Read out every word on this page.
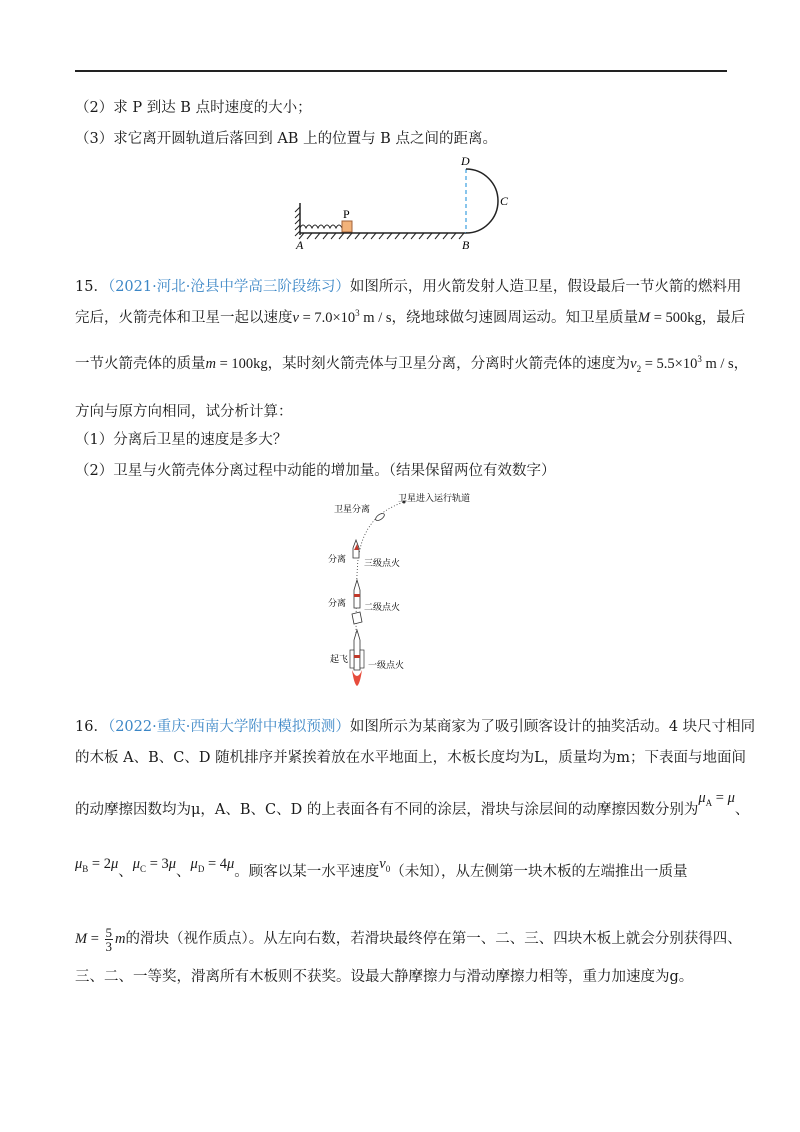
（2）求 P 到达 B 点时速度的大小；
（3）求它离开圆轨道后落回到 AB 上的位置与 B 点之间的距离。
P
A	B
C
D
15．（2021·河北·沧县中学高三阶段练习）如图所示，用火箭发射人造卫星，假设最后一节火箭的燃料用
完后，火箭壳体和卫星一起以速度$v = 7.0\times 10^3$ m / s，绕地球做匀速圆周运动。知卫星质量M = 500kg，最后
一节火箭壳体的质量m = 100kg，某时刻火箭壳体与卫星分离，分离时火箭壳体的速度为$v_2 = 5.5\times 10^3$ m / s，
方向与原方向相同，试分析计算：
（1）分离后卫星的速度是多大？
（2）卫星与火箭壳体分离过程中动能的增加量。（结果保留两位有效数字）
卫星分离
卫星进入运行轨道
分离 三级点火
分离 二级点火
起飞
一级点火
16．（2022·重庆·西南大学附中模拟预测）如图所示为某商家为了吸引顾客设计的抽奖活动。4 块尺寸相同
的木板 A、B、C、D 随机排序并紧挨着放在水平地面上，木板长度均为L，质量均为m；下表面与地面间
的动摩擦因数均为μ，A、B、C、D 的上表面各有不同的涂层，滑块与涂层间的动摩擦因数分别为$\mu_A = \mu$、
$\mu_B = 2\mu$、$\mu_C = 3\mu$、$\mu_D = 4\mu$。顾客以某一水平速度$v_0$（未知），从左侧第一块木板的左端推出一质量
$M = \frac{5}{3}$ m的滑块（视作质点）。从左向右数，若滑块最终停在第一、二、三、四块木板上就会分别获得四、
三、二、一等奖，滑离所有木板则不获奖。设最大静摩擦力与滑动摩擦力相等，重力加速度为g。
